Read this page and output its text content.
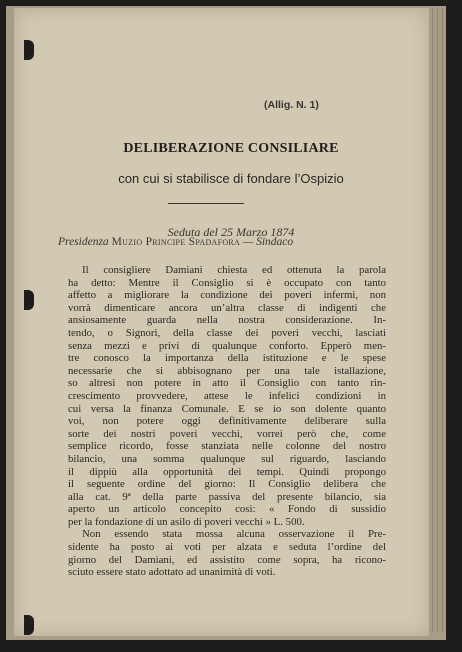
(Allig. N. 1)
DELIBERAZIONE CONSILIARE
con cui si stabilisce di fondare l’Ospizio
Seduta del 25 Marzo 1874
Presidenza Muzio Principe Spadafora — Sindaco
Il consigliere Damiani chiesta ed ottenuta la parola
ha detto: Mentre il Consiglio si è occupato con tanto
affetto a migliorare la condizione dei poveri infermi, non
vorrà dimenticare ancora un’altra classe di indigenti che
ansiosamente guarda nella nostra considerazione. In-
tendo, o Signori, della classe dei poveri vecchi, lasciati
senza mezzi e privi di qualunque conforto. Epperò men-
tre conosco la importanza della istituzione e le spese
necessarie che si abbisognano per una tale istallazione,
so altresì non potere in atto il Consiglio con tanto rin-
crescimento provvedere, attese le infelici condizioni in
cui versa la finanza Comunale. E se io son dolente quanto
voi, non potere oggi definitivamente deliberare sulla
sorte dei nostri poveri vecchi, vorrei però che, come
semplice ricordo, fosse stanziata nelle colonne del nostro
bilancio, una somma qualunque sul riguardo, lasciando
il dippiù alla opportunità dei tempi. Quindi propongo
il seguente ordine del giorno: Il Consiglio delibera che
alla cat. 9ª della parte passiva del presente bilancio, sia
aperto un articolo concepito così: « Fondo di sussidio
per la fondazione di un asilo di poveri vecchi » L. 500.
Non essendo stata mossa alcuna osservazione il Pre-
sidente ha posto ai voti per alzata e seduta l’ordine del
giorno del Damiani, ed assistito come sopra, ha ricono-
sciuto essere stato adottato ad unanimità di voti.
